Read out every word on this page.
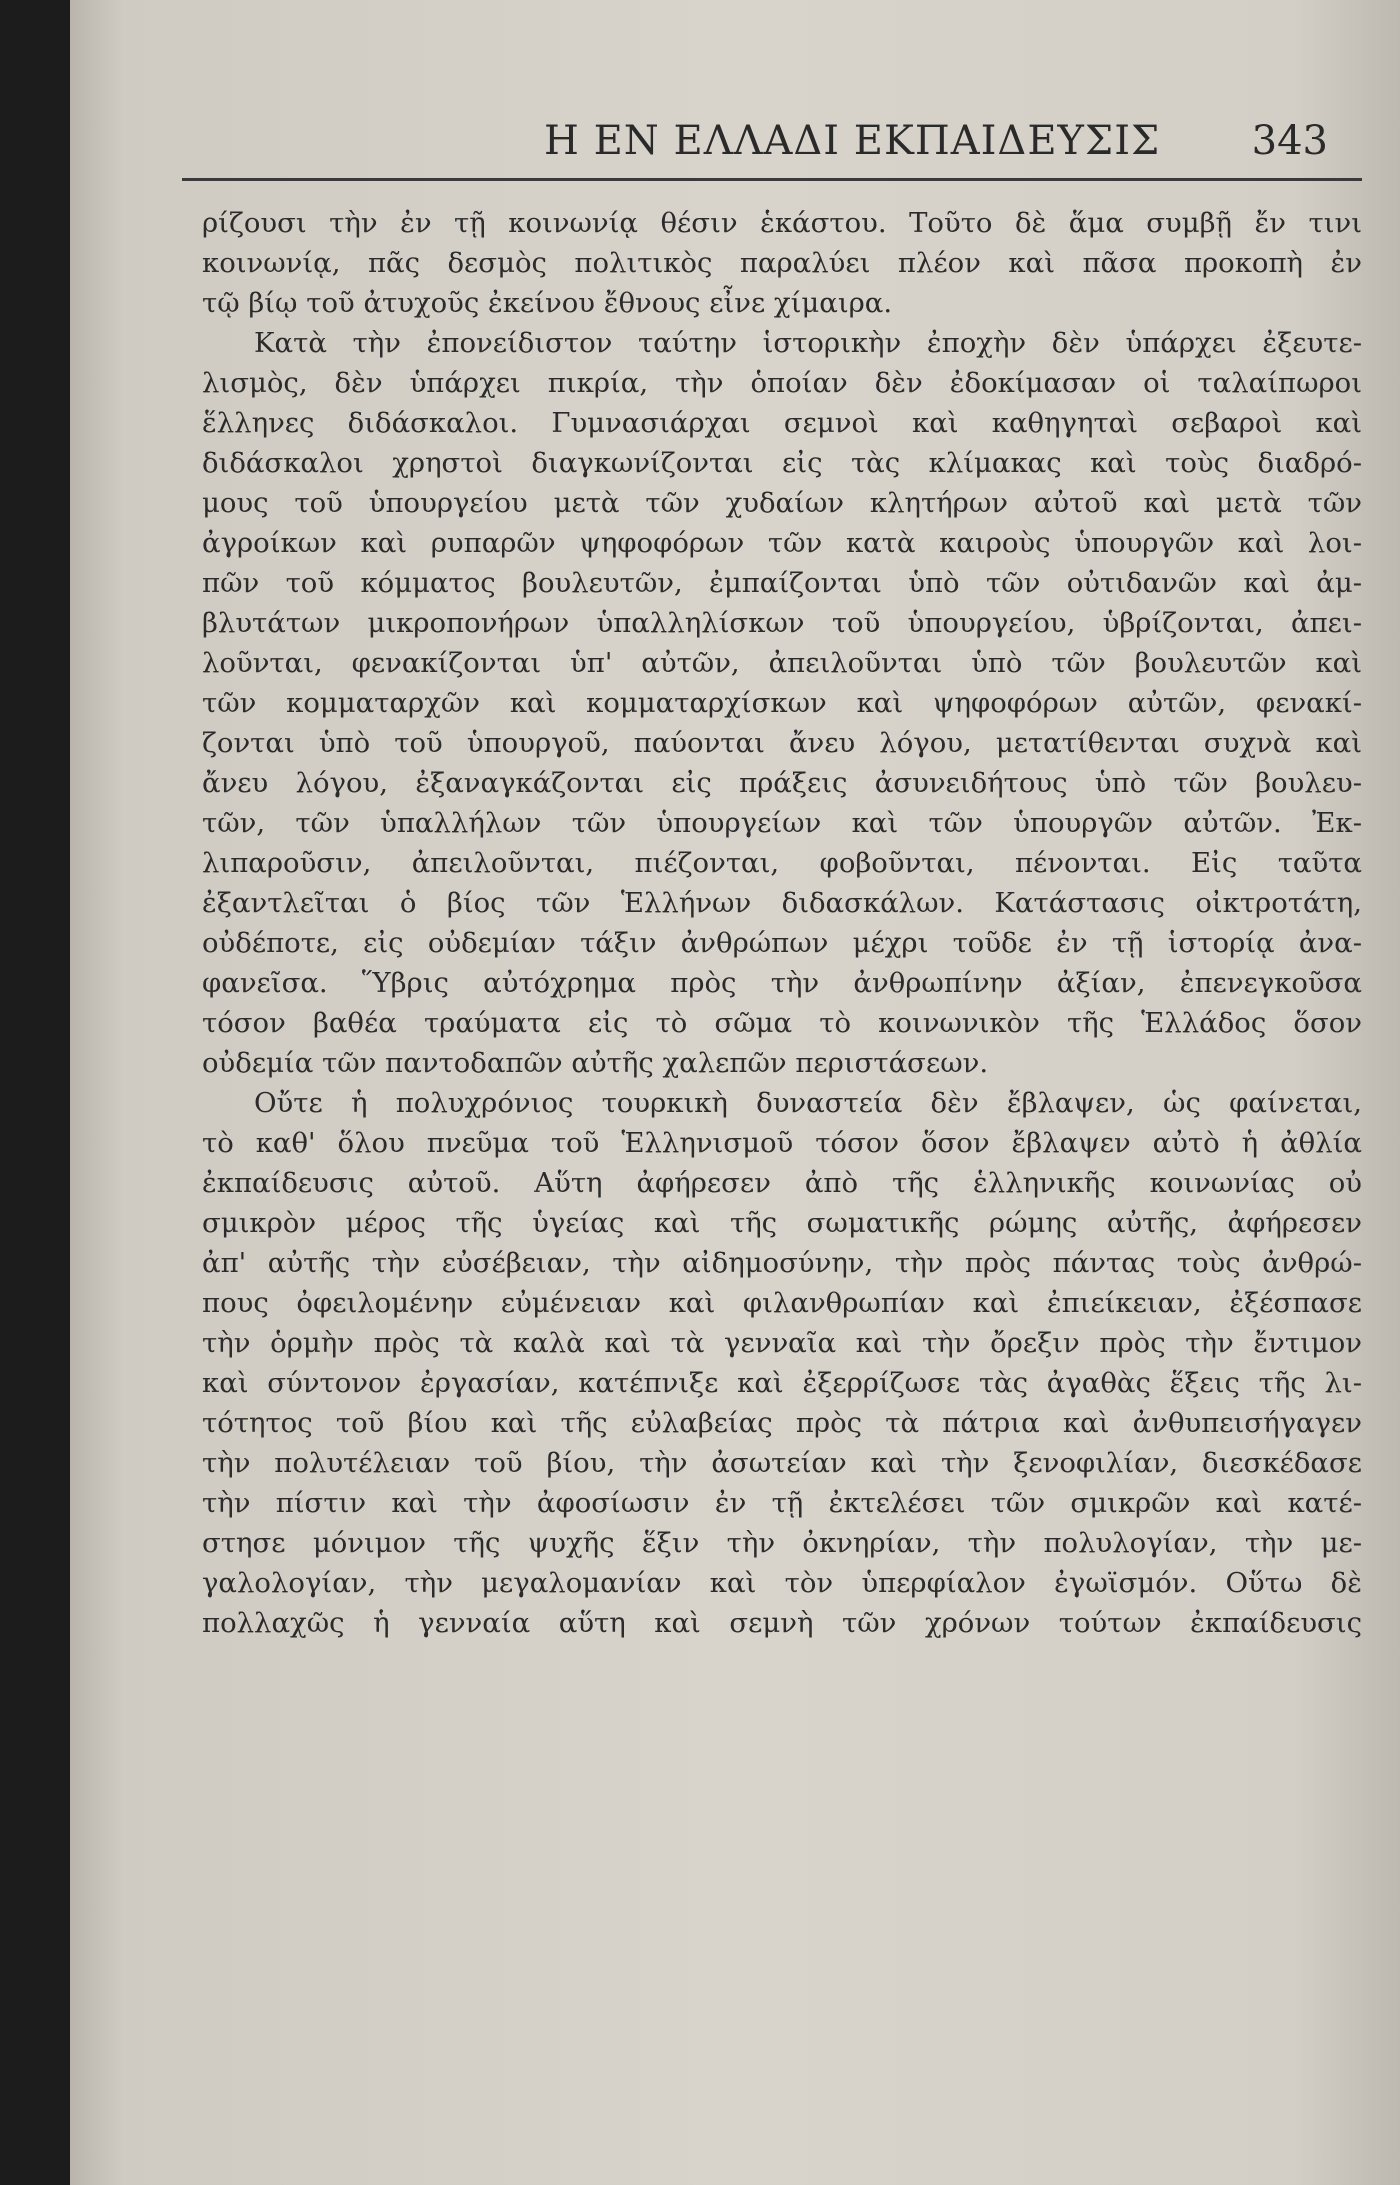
Η ΕΝ ΕΛΛΑΔΙ ΕΚΠΑΙΔΕΥΣΙΣ 343
ρίζουσι τὴν ἐν τῇ κοινωνίᾳ θέσιν ἑκάστου. Τοῦτο δὲ ἅμα συμβῇ ἔν τινι
κοινωνίᾳ, πᾶς δεσμὸς πολιτικὸς παραλύει πλέον καὶ πᾶσα προκοπὴ ἐν
τῷ βίῳ τοῦ ἀτυχοῦς ἐκείνου ἔθνους εἶνε χίμαιρα.
Κατὰ τὴν ἐπονείδιστον ταύτην ἱστορικὴν ἐποχὴν δὲν ὑπάρχει ἐξευτε-
λισμὸς, δὲν ὑπάρχει πικρία, τὴν ὁποίαν δὲν ἐδοκίμασαν οἱ ταλαίπωροι
ἕλληνες διδάσκαλοι. Γυμνασιάρχαι σεμνοὶ καὶ καθηγηταὶ σεβαροὶ καὶ
διδάσκαλοι χρηστοὶ διαγκωνίζονται εἰς τὰς κλίμακας καὶ τοὺς διαδρό-
μους τοῦ ὑπουργείου μετὰ τῶν χυδαίων κλητήρων αὐτοῦ καὶ μετὰ τῶν
ἀγροίκων καὶ ρυπαρῶν ψηφοφόρων τῶν κατὰ καιροὺς ὑπουργῶν καὶ λοι-
πῶν τοῦ κόμματος βουλευτῶν, ἐμπαίζονται ὑπὸ τῶν οὐτιδανῶν καὶ ἀμ-
βλυτάτων μικροπονήρων ὑπαλληλίσκων τοῦ ὑπουργείου, ὑβρίζονται, ἀπει-
λοῦνται, φενακίζονται ὑπ' αὐτῶν, ἀπειλοῦνται ὑπὸ τῶν βουλευτῶν καὶ
τῶν κομματαρχῶν καὶ κομματαρχίσκων καὶ ψηφοφόρων αὐτῶν, φενακί-
ζονται ὑπὸ τοῦ ὑπουργοῦ, παύονται ἄνευ λόγου, μετατίθενται συχνὰ καὶ
ἄνευ λόγου, ἐξαναγκάζονται εἰς πράξεις ἀσυνειδήτους ὑπὸ τῶν βουλευ-
τῶν, τῶν ὑπαλλήλων τῶν ὑπουργείων καὶ τῶν ὑπουργῶν αὐτῶν. Ἐκ-
λιπαροῦσιν, ἀπειλοῦνται, πιέζονται, φοβοῦνται, πένονται. Εἰς ταῦτα
ἐξαντλεῖται ὁ βίος τῶν Ἑλλήνων διδασκάλων. Κατάστασις οἰκτροτάτη,
οὐδέποτε, εἰς οὐδεμίαν τάξιν ἀνθρώπων μέχρι τοῦδε ἐν τῇ ἱστορίᾳ ἀνα-
φανεῖσα. Ὕβρις αὐτόχρημα πρὸς τὴν ἀνθρωπίνην ἀξίαν, ἐπενεγκοῦσα
τόσον βαθέα τραύματα εἰς τὸ σῶμα τὸ κοινωνικὸν τῆς Ἑλλάδος ὅσον
οὐδεμία τῶν παντοδαπῶν αὐτῆς χαλεπῶν περιστάσεων.
Οὔτε ἡ πολυχρόνιος τουρκικὴ δυναστεία δὲν ἔβλαψεν, ὡς φαίνεται,
τὸ καθ' ὅλου πνεῦμα τοῦ Ἑλληνισμοῦ τόσον ὅσον ἔβλαψεν αὐτὸ ἡ ἀθλία
ἐκπαίδευσις αὐτοῦ. Αὕτη ἀφήρεσεν ἀπὸ τῆς ἑλληνικῆς κοινωνίας οὐ
σμικρὸν μέρος τῆς ὑγείας καὶ τῆς σωματικῆς ρώμης αὐτῆς, ἀφήρεσεν
ἀπ' αὐτῆς τὴν εὐσέβειαν, τὴν αἰδημοσύνην, τὴν πρὸς πάντας τοὺς ἀνθρώ-
πους ὀφειλομένην εὐμένειαν καὶ φιλανθρωπίαν καὶ ἐπιείκειαν, ἐξέσπασε
τὴν ὁρμὴν πρὸς τὰ καλὰ καὶ τὰ γενναῖα καὶ τὴν ὄρεξιν πρὸς τὴν ἔντιμον
καὶ σύντονον ἐργασίαν, κατέπνιξε καὶ ἐξερρίζωσε τὰς ἀγαθὰς ἕξεις τῆς λι-
τότητος τοῦ βίου καὶ τῆς εὐλαβείας πρὸς τὰ πάτρια καὶ ἀνθυπεισήγαγεν
τὴν πολυτέλειαν τοῦ βίου, τὴν ἀσωτείαν καὶ τὴν ξενοφιλίαν, διεσκέδασε
τὴν πίστιν καὶ τὴν ἀφοσίωσιν ἐν τῇ ἐκτελέσει τῶν σμικρῶν καὶ κατέ-
στησε μόνιμον τῆς ψυχῆς ἕξιν τὴν ὀκνηρίαν, τὴν πολυλογίαν, τὴν με-
γαλολογίαν, τὴν μεγαλομανίαν καὶ τὸν ὑπερφίαλον ἐγωϊσμόν. Οὕτω δὲ
πολλαχῶς ἡ γενναία αὕτη καὶ σεμνὴ τῶν χρόνων τούτων ἐκπαίδευσις
